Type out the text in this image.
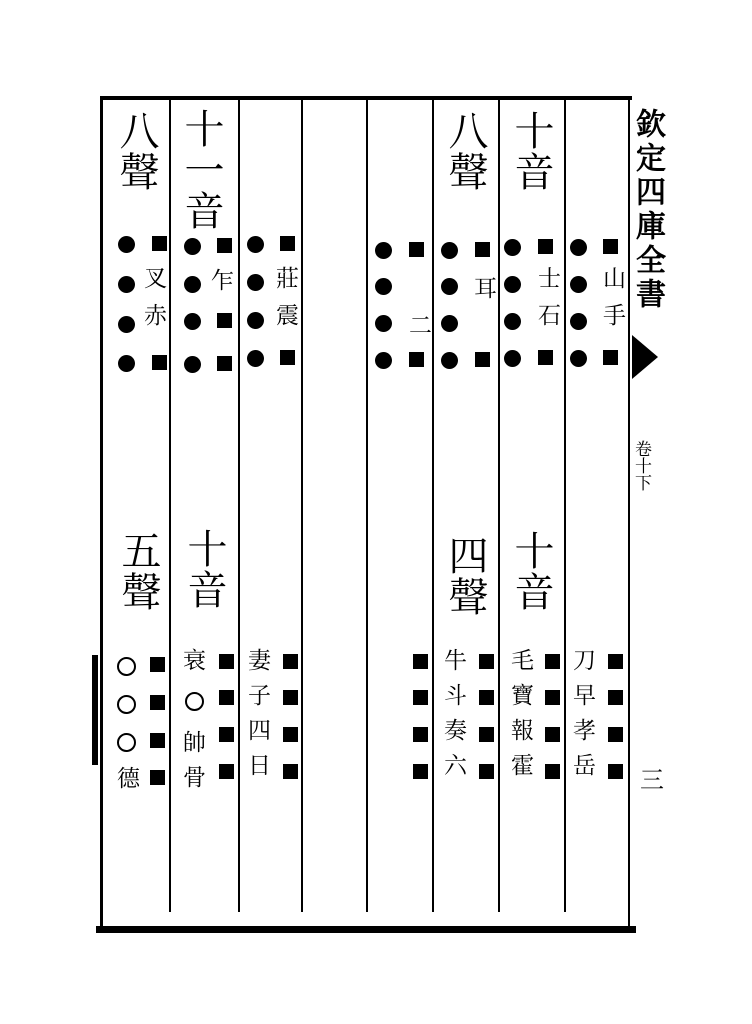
欽定四庫全書
卷十下
三
十音
八聲
十一音
八聲
山手
士石
耳
二
莊震
乍
叉赤
十音
四聲
十音
五聲
刀早孝岳
毛寶報霍
牛斗奏六
妻子四日
衰
帥骨
德
